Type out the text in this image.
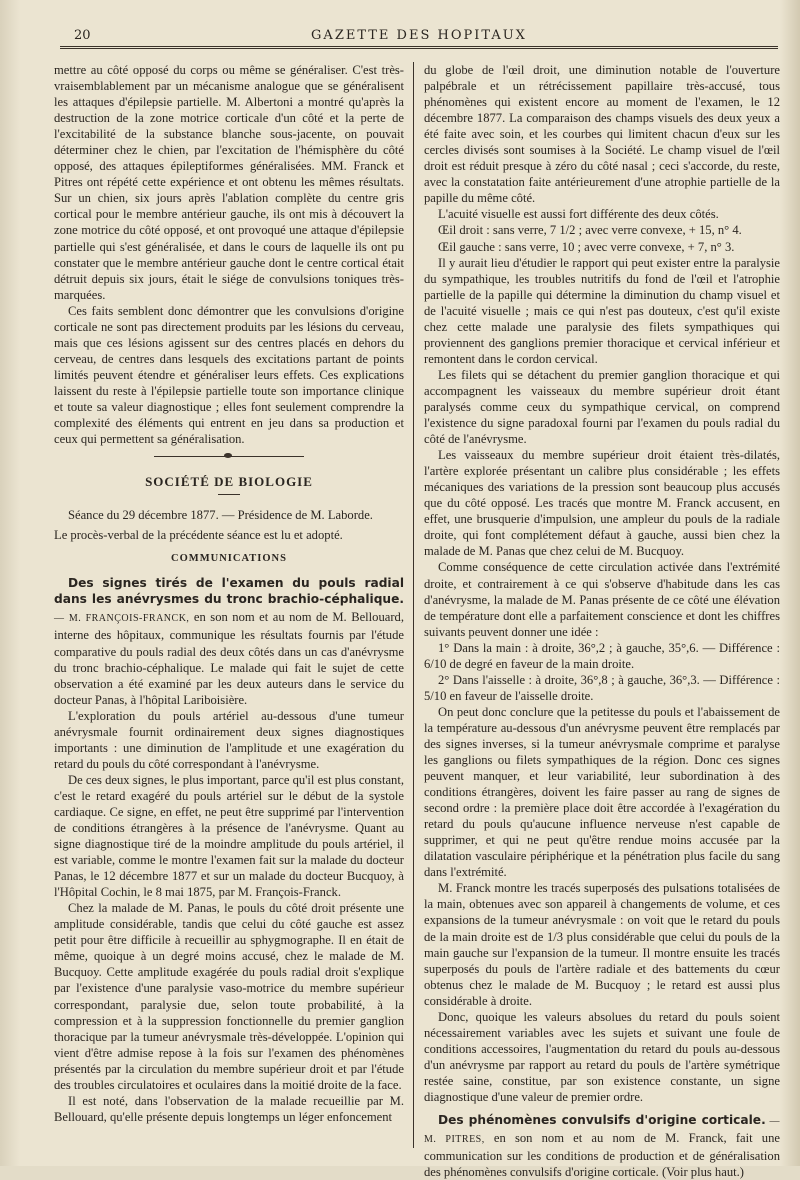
20	GAZETTE DES HOPITAUX

mettre au côté opposé du corps ou même se généraliser. C'est très-vraisemblablement par un mécanisme analogue que se généralisent les attaques d'épilepsie partielle. M. Albertoni a montré qu'après la destruction de la zone motrice corticale d'un côté et la perte de l'excitabilité de la substance blanche sous-jacente, on pouvait déterminer chez le chien, par l'excitation de l'hémisphère du côté opposé, des attaques épileptiformes généralisées. MM. Franck et Pitres ont répété cette expérience et ont obtenu les mêmes résultats. Sur un chien, six jours après l'ablation complète du centre gris cortical pour le membre antérieur gauche, ils ont mis à découvert la zone motrice du côté opposé, et ont provoqué une attaque d'épilepsie partielle qui s'est généralisée, et dans le cours de laquelle ils ont pu constater que le membre antérieur gauche dont le centre cortical était détruit depuis six jours, était le siége de convulsions toniques très-marquées.

Ces faits semblent donc démontrer que les convulsions d'origine corticale ne sont pas directement produits par les lésions du cerveau, mais que ces lésions agissent sur des centres placés en dehors du cerveau, de centres dans lesquels des excitations partant de points limités peuvent étendre et généraliser leurs effets. Ces explications laissent du reste à l'épilepsie partielle toute son importance clinique et toute sa valeur diagnostique ; elles font seulement comprendre la complexité des éléments qui entrent en jeu dans sa production et ceux qui permettent sa généralisation.

SOCIÉTÉ DE BIOLOGIE

Séance du 29 décembre 1877. — Présidence de M. Laborde.

Le procès-verbal de la précédente séance est lu et adopté.

COMMUNICATIONS

Des signes tirés de l'examen du pouls radial dans les anévrysmes du tronc brachio-céphalique. — M. FRANÇOIS-FRANCK, en son nom et au nom de M. Bellouard, interne des hôpitaux, communique les résultats fournis par l'étude comparative du pouls radial des deux côtés dans un cas d'anévrysme du tronc brachio-céphalique. Le malade qui fait le sujet de cette observation a été examiné par les deux auteurs dans le service du docteur Panas, à l'hôpital Lariboisière.

L'exploration du pouls artériel au-dessous d'une tumeur anévrysmale fournit ordinairement deux signes diagnostiques importants : une diminution de l'amplitude et une exagération du retard du pouls du côté correspondant à l'anévrysme.

De ces deux signes, le plus important, parce qu'il est plus constant, c'est le retard exagéré du pouls artériel sur le début de la systole cardiaque. Ce signe, en effet, ne peut être supprimé par l'intervention de conditions étrangères à la présence de l'anévrysme. Quant au signe diagnostique tiré de la moindre amplitude du pouls artériel, il est variable, comme le montre l'examen fait sur la malade du docteur Panas, le 12 décembre 1877 et sur un malade du docteur Bucquoy, à l'Hôpital Cochin, le 8 mai 1875, par M. François-Franck.

Chez la malade de M. Panas, le pouls du côté droit présente une amplitude considérable, tandis que celui du côté gauche est assez petit pour être difficile à recueillir au sphygmographe. Il en était de même, quoique à un degré moins accusé, chez le malade de M. Bucquoy. Cette amplitude exagérée du pouls radial droit s'explique par l'existence d'une paralysie vaso-motrice du membre supérieur correspondant, paralysie due, selon toute probabilité, à la compression et à la suppression fonctionnelle du premier ganglion thoracique par la tumeur anévrysmale très-développée. L'opinion qui vient d'être admise repose à la fois sur l'examen des phénomènes présentés par la circulation du membre supérieur droit et par l'étude des troubles circulatoires et oculaires dans la moitié droite de la face.

Il est noté, dans l'observation de la malade recueillie par M. Bellouard, qu'elle présente depuis longtemps un léger enfoncement

du globe de l'œil droit, une diminution notable de l'ouverture palpébrale et un rétrécissement papillaire très-accusé, tous phénomènes qui existent encore au moment de l'examen, le 12 décembre 1877. La comparaison des champs visuels des deux yeux a été faite avec soin, et les courbes qui limitent chacun d'eux sur les cercles divisés sont soumises à la Société. Le champ visuel de l'œil droit est réduit presque à zéro du côté nasal ; ceci s'accorde, du reste, avec la constatation faite antérieurement d'une atrophie partielle de la papille du même côté.

L'acuité visuelle est aussi fort différente des deux côtés.

Œil droit : sans verre, 7 1/2 ; avec verre convexe, + 15, n° 4.

Œil gauche : sans verre, 10 ; avec verre convexe, + 7, n° 3.

Il y aurait lieu d'étudier le rapport qui peut exister entre la paralysie du sympathique, les troubles nutritifs du fond de l'œil et l'atrophie partielle de la papille qui détermine la diminution du champ visuel et de l'acuité visuelle ; mais ce qui n'est pas douteux, c'est qu'il existe chez cette malade une paralysie des filets sympathiques qui proviennent des ganglions premier thoracique et cervical inférieur et remontent dans le cordon cervical.

Les filets qui se détachent du premier ganglion thoracique et qui accompagnent les vaisseaux du membre supérieur droit étant paralysés comme ceux du sympathique cervical, on comprend l'existence du signe paradoxal fourni par l'examen du pouls radial du côté de l'anévrysme.

Les vaisseaux du membre supérieur droit étaient très-dilatés, l'artère explorée présentant un calibre plus considérable ; les effets mécaniques des variations de la pression sont beaucoup plus accusés que du côté opposé. Les tracés que montre M. Franck accusent, en effet, une brusquerie d'impulsion, une ampleur du pouls de la radiale droite, qui font complétement défaut à gauche, aussi bien chez la malade de M. Panas que chez celui de M. Bucquoy.

Comme conséquence de cette circulation activée dans l'extrémité droite, et contrairement à ce qui s'observe d'habitude dans les cas d'anévrysme, la malade de M. Panas présente de ce côté une élévation de température dont elle a parfaitement conscience et dont les chiffres suivants peuvent donner une idée :

1° Dans la main : à droite, 36°,2 ; à gauche, 35°,6. — Différence : 6/10 de degré en faveur de la main droite.

2° Dans l'aisselle : à droite, 36°,8 ; à gauche, 36°,3. — Différence : 5/10 en faveur de l'aisselle droite.

On peut donc conclure que la petitesse du pouls et l'abaissement de la température au-dessous d'un anévrysme peuvent être remplacés par des signes inverses, si la tumeur anévrysmale comprime et paralyse les ganglions ou filets sympathiques de la région. Donc ces signes peuvent manquer, et leur variabilité, leur subordination à des conditions étrangères, doivent les faire passer au rang de signes de second ordre : la première place doit être accordée à l'exagération du retard du pouls qu'aucune influence nerveuse n'est capable de supprimer, et qui ne peut qu'être rendue moins accusée par la dilatation vasculaire périphérique et la pénétration plus facile du sang dans l'extrémité.

M. Franck montre les tracés superposés des pulsations totalisées de la main, obtenues avec son appareil à changements de volume, et ces expansions de la tumeur anévrysmale : on voit que le retard du pouls de la main droite est de 1/3 plus considérable que celui du pouls de la main gauche sur l'expansion de la tumeur. Il montre ensuite les tracés superposés du pouls de l'artère radiale et des battements du cœur obtenus chez le malade de M. Bucquoy ; le retard est aussi plus considérable à droite.

Donc, quoique les valeurs absolues du retard du pouls soient nécessairement variables avec les sujets et suivant une foule de conditions accessoires, l'augmentation du retard du pouls au-dessous d'un anévrysme par rapport au retard du pouls de l'artère symétrique restée saine, constitue, par son existence constante, un signe diagnostique d'une valeur de premier ordre.

Des phénomènes convulsifs d'origine corticale. — M. PITRES, en son nom et au nom de M. Franck, fait une communication sur les conditions de production et de généralisation des phénomènes convulsifs d'origine corticale. (Voir plus haut.)
